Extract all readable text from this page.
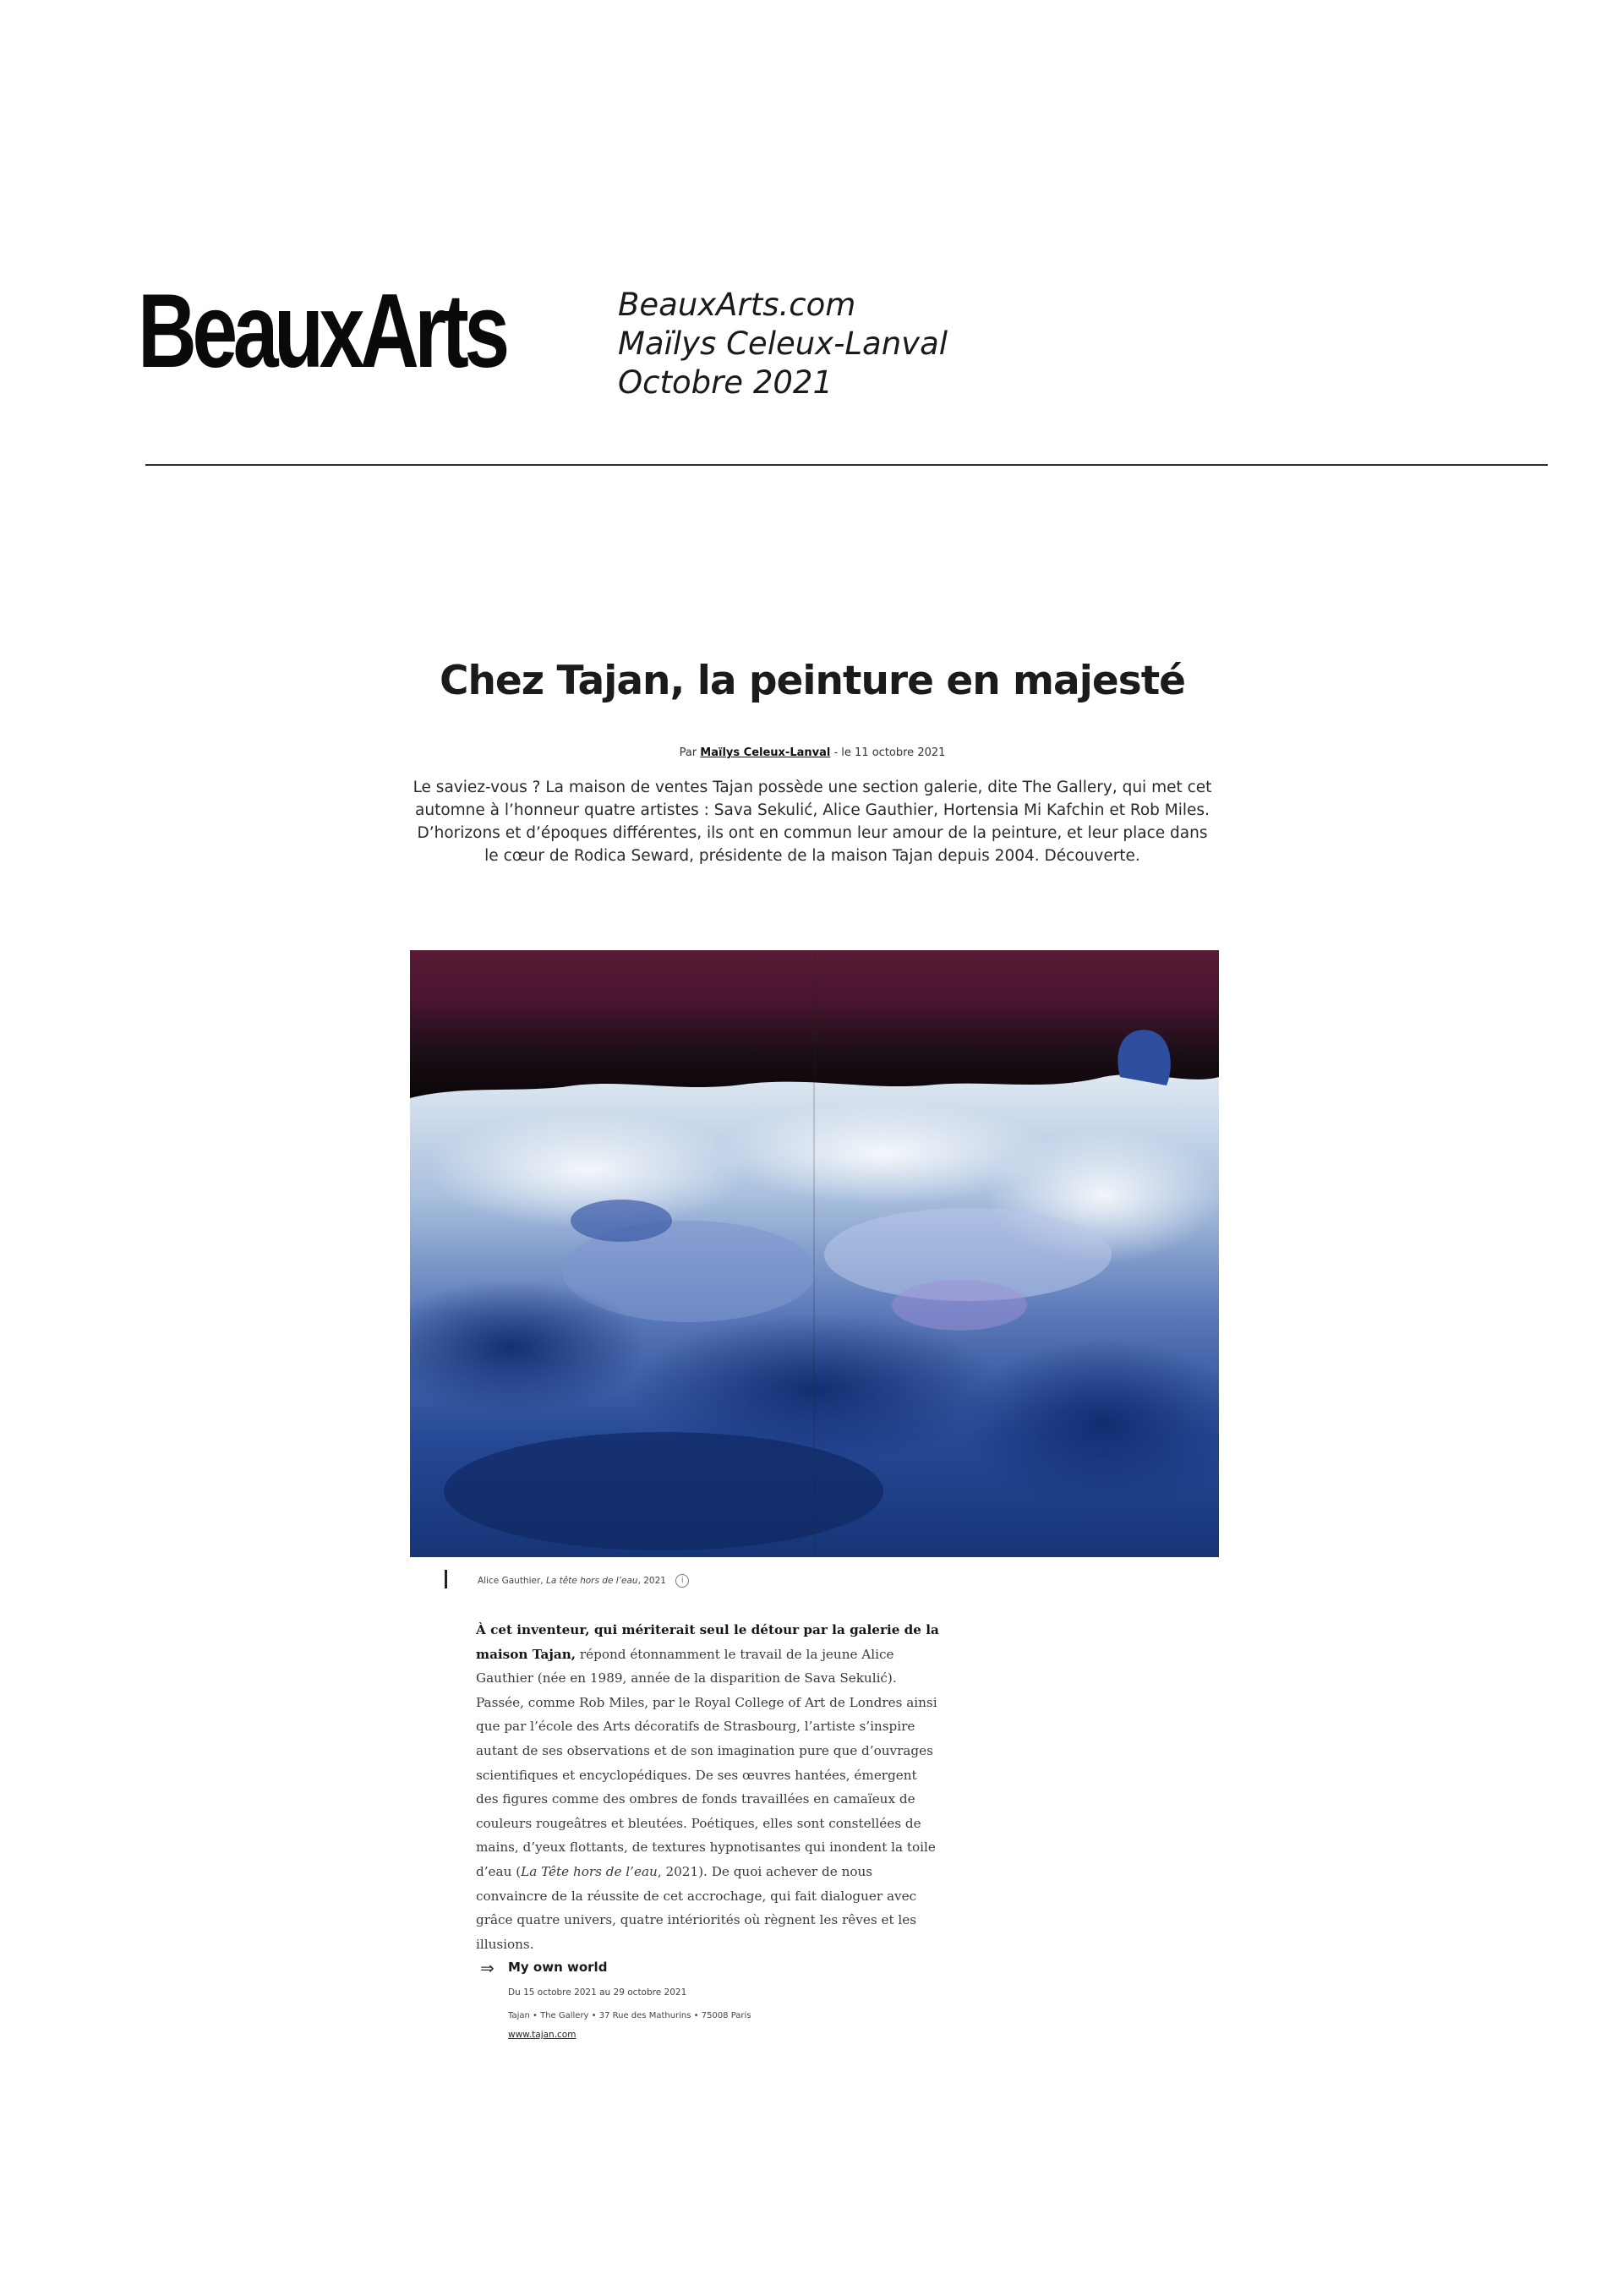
BeauxArts	BeauxArts.com
Maïlys Celeux-Lanval
Octobre 2021
Chez Tajan, la peinture en majesté
Par Maïlys Celeux-Lanval - le 11 octobre 2021
Le saviez-vous ? La maison de ventes Tajan possède une section galerie, dite The Gallery, qui met cet automne à l’honneur quatre artistes : Sava Sekulić, Alice Gauthier, Hortensia Mi Kafchin et Rob Miles. D’horizons et d’époques différentes, ils ont en commun leur amour de la peinture, et leur place dans le cœur de Rodica Seward, présidente de la maison Tajan depuis 2004. Découverte.
Alice Gauthier, La tête hors de l’eau, 2021 i

À cet inventeur, qui mériterait seul le détour par la galerie de la maison Tajan, répond étonnamment le travail de la jeune Alice Gauthier (née en 1989, année de la disparition de Sava Sekulić). Passée, comme Rob Miles, par le Royal College of Art de Londres ainsi que par l’école des Arts décoratifs de Strasbourg, l’artiste s’inspire autant de ses observations et de son imagination pure que d’ouvrages scientifiques et encyclopédiques. De ses œuvres hantées, émergent des figures comme des ombres de fonds travaillées en camaïeux de couleurs rougeâtres et bleutées. Poétiques, elles sont constellées de mains, d’yeux flottants, de textures hypnotisantes qui inondent la toile d’eau (La Tête hors de l’eau, 2021). De quoi achever de nous convaincre de la réussite de cet accrochage, qui fait dialoguer avec grâce quatre univers, quatre intériorités où règnent les rêves et les illusions.

⇒ My own world
Du 15 octobre 2021 au 29 octobre 2021
Tajan • The Gallery • 37 Rue des Mathurins • 75008 Paris
www.tajan.com
